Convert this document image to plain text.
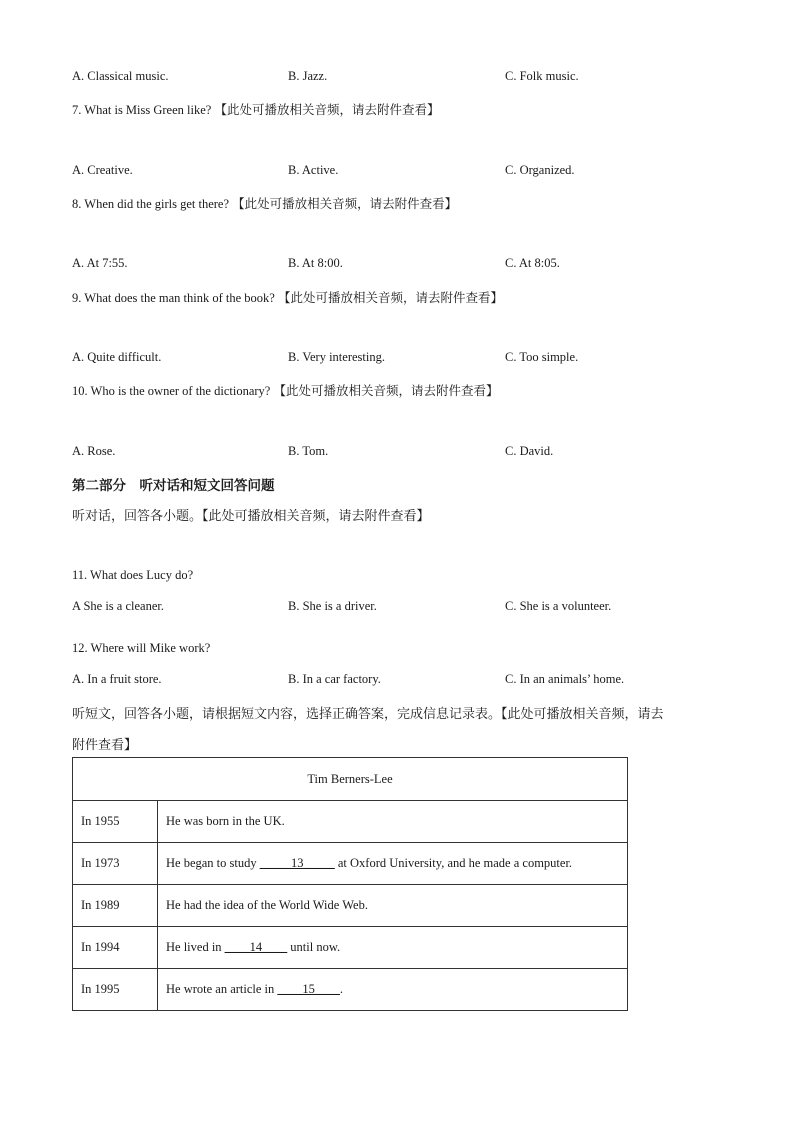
A. Classical music.	B. Jazz.	C. Folk music.
7. What is Miss Green like? 【此处可播放相关音频，请去附件查看】
A. Creative.	B. Active.	C. Organized.
8. When did the girls get there? 【此处可播放相关音频，请去附件查看】
A. At 7:55.	B. At 8:00.	C. At 8:05.
9. What does the man think of the book? 【此处可播放相关音频，请去附件查看】
A. Quite difficult.	B. Very interesting.	C. Too simple.
10. Who is the owner of the dictionary? 【此处可播放相关音频，请去附件查看】
A. Rose.	B. Tom.	C. David.
第二部分　听对话和短文回答问题
听对话，回答各小题。【此处可播放相关音频，请去附件查看】
11. What does Lucy do?
A She is a cleaner.	B. She is a driver.	C. She is a volunteer.
12. Where will Mike work?
A. In a fruit store.	B. In a car factory.	C. In an animals’ home.
听短文，回答各小题，请根据短文内容，选择正确答案，完成信息记录表。【此处可播放相关音频，请去
附件查看】
Tim Berners-Lee	
In 1955	He was born in the UK.
In 1973	He began to study _____13_____ at Oxford University, and he made a computer.
In 1989	He had the idea of the World Wide Web.
In 1994	He lived in ____14____ until now.
In 1995	He wrote an article in ____15____.
